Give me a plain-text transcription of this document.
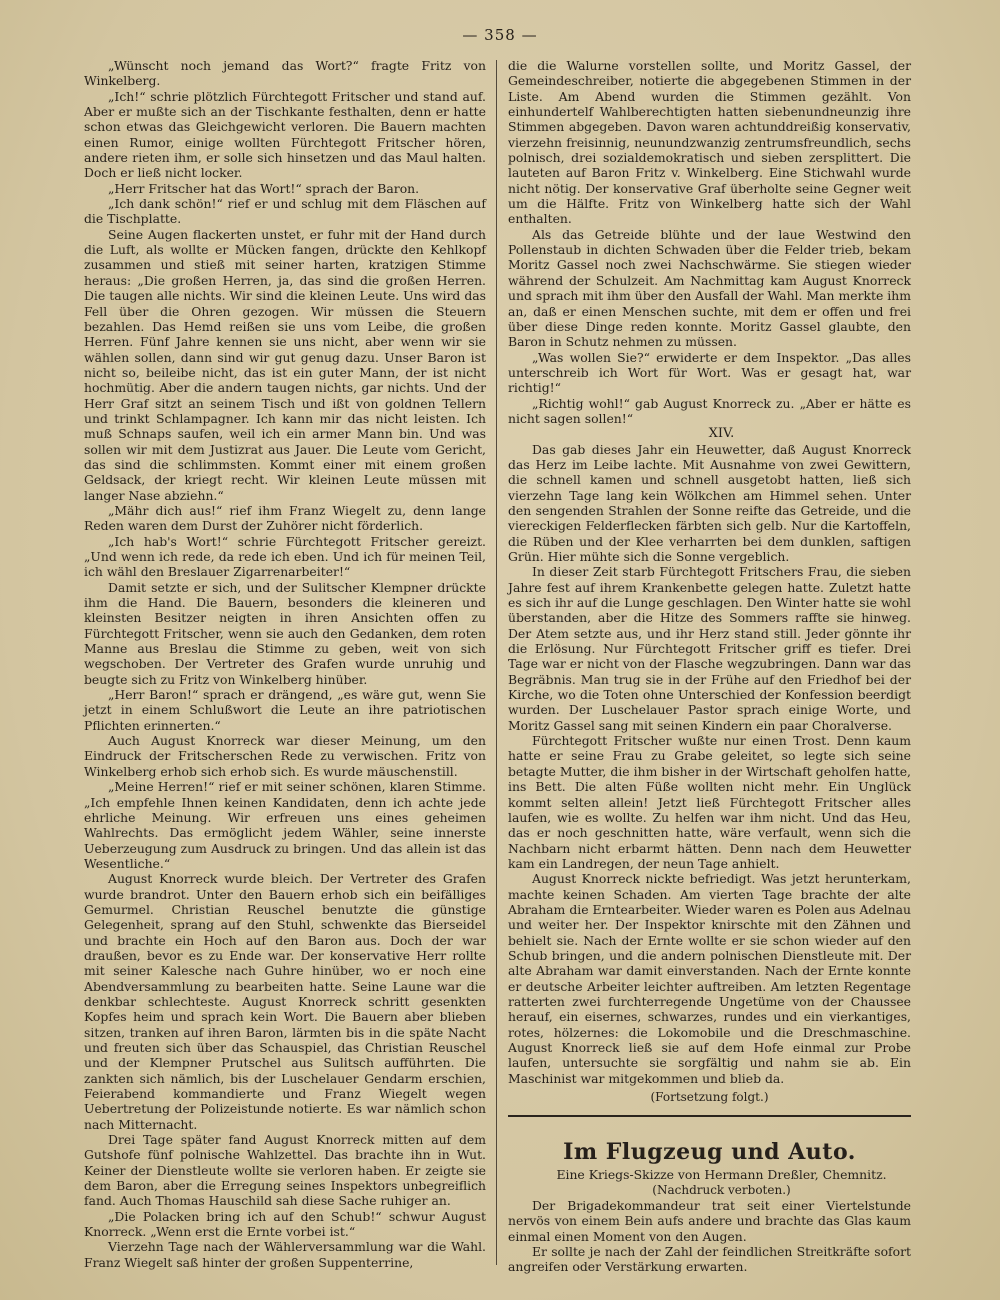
— 358 —

„Wünscht noch jemand das Wort?“ fragte Fritz von Winkelberg.

„Ich!“ schrie plötzlich Fürchtegott Fritscher und stand auf. Aber er mußte sich an der Tischkante festhalten, denn er hatte schon etwas das Gleichgewicht verloren. Die Bauern machten einen Rumor, einige wollten Fürchtegott Fritscher hören, andere rieten ihm, er solle sich hinsetzen und das Maul halten. Doch er ließ nicht locker.

„Herr Fritscher hat das Wort!“ sprach der Baron.

„Ich dank schön!“ rief er und schlug mit dem Fläschen auf die Tischplatte.

Seine Augen flackerten unstet, er fuhr mit der Hand durch die Luft, als wollte er Mücken fangen, drückte den Kehlkopf zusammen und stieß mit seiner harten, kratzigen Stimme heraus: „Die großen Herren, ja, das sind die großen Herren. Die taugen alle nichts. Wir sind die kleinen Leute. Uns wird das Fell über die Ohren gezogen. Wir müssen die Steuern bezahlen. Das Hemd reißen sie uns vom Leibe, die großen Herren. Fünf Jahre kennen sie uns nicht, aber wenn wir sie wählen sollen, dann sind wir gut genug dazu. Unser Baron ist nicht so, beileibe nicht, das ist ein guter Mann, der ist nicht hochmütig. Aber die andern taugen nichts, gar nichts. Und der Herr Graf sitzt an seinem Tisch und ißt von goldnen Tellern und trinkt Schlampagner. Ich kann mir das nicht leisten. Ich muß Schnaps saufen, weil ich ein armer Mann bin. Und was sollen wir mit dem Justizrat aus Jauer. Die Leute vom Gericht, das sind die schlimmsten. Kommt einer mit einem großen Geldsack, der kriegt recht. Wir kleinen Leute müssen mit langer Nase abziehn.“

„Mähr dich aus!“ rief ihm Franz Wiegelt zu, denn lange Reden waren dem Durst der Zuhörer nicht förderlich.

„Ich hab's Wort!“ schrie Fürchtegott Fritscher gereizt. „Und wenn ich rede, da rede ich eben. Und ich für meinen Teil, ich wähl den Breslauer Zigarrenarbeiter!“

Damit setzte er sich, und der Sulitscher Klempner drückte ihm die Hand. Die Bauern, besonders die kleineren und kleinsten Besitzer neigten in ihren Ansichten offen zu Fürchtegott Fritscher, wenn sie auch den Gedanken, dem roten Manne aus Breslau die Stimme zu geben, weit von sich wegschoben. Der Vertreter des Grafen wurde unruhig und beugte sich zu Fritz von Winkelberg hinüber.

„Herr Baron!“ sprach er drängend, „es wäre gut, wenn Sie jetzt in einem Schlußwort die Leute an ihre patriotischen Pflichten erinnerten.“

Auch August Knorreck war dieser Meinung, um den Eindruck der Fritscherschen Rede zu verwischen. Fritz von Winkelberg erhob sich erhob sich. Es wurde mäuschenstill.

„Meine Herren!“ rief er mit seiner schönen, klaren Stimme. „Ich empfehle Ihnen keinen Kandidaten, denn ich achte jede ehrliche Meinung. Wir erfreuen uns eines geheimen Wahlrechts. Das ermöglicht jedem Wähler, seine innerste Ueberzeugung zum Ausdruck zu bringen. Und das allein ist das Wesentliche.“

August Knorreck wurde bleich. Der Vertreter des Grafen wurde brandrot. Unter den Bauern erhob sich ein beifälliges Gemurmel. Christian Reuschel benutzte die günstige Gelegenheit, sprang auf den Stuhl, schwenkte das Bierseidel und brachte ein Hoch auf den Baron aus. Doch der war draußen, bevor es zu Ende war. Der konservative Herr rollte mit seiner Kalesche nach Guhre hinüber, wo er noch eine Abendversammlung zu bearbeiten hatte. Seine Laune war die denkbar schlechteste. August Knorreck schritt gesenkten Kopfes heim und sprach kein Wort. Die Bauern aber blieben sitzen, tranken auf ihren Baron, lärmten bis in die späte Nacht und freuten sich über das Schauspiel, das Christian Reuschel und der Klempner Prutschel aus Sulitsch aufführten. Die zankten sich nämlich, bis der Luschelauer Gendarm erschien, Feierabend kommandierte und Franz Wiegelt wegen Uebertretung der Polizeistunde notierte. Es war nämlich schon nach Mitternacht.

Drei Tage später fand August Knorreck mitten auf dem Gutshofe fünf polnische Wahlzettel. Das brachte ihn in Wut. Keiner der Dienstleute wollte sie verloren haben. Er zeigte sie dem Baron, aber die Erregung seines Inspektors unbegreiflich fand. Auch Thomas Hauschild sah diese Sache ruhiger an.

„Die Polacken bring ich auf den Schub!“ schwur August Knorreck. „Wenn erst die Ernte vorbei ist.“

Vierzehn Tage nach der Wählerversammlung war die Wahl. Franz Wiegelt saß hinter der großen Suppenterrine,

die die Walurne vorstellen sollte, und Moritz Gassel, der Gemeindeschreiber, notierte die abgegebenen Stimmen in der Liste. Am Abend wurden die Stimmen gezählt. Von einhundertelf Wahlberechtigten hatten siebenundneunzig ihre Stimmen abgegeben. Davon waren achtunddreißig konservativ, vierzehn freisinnig, neunundzwanzig zentrumsfreundlich, sechs polnisch, drei sozialdemokratisch und sieben zersplittert. Die lauteten auf Baron Fritz v. Winkelberg. Eine Stichwahl wurde nicht nötig. Der konservative Graf überholte seine Gegner weit um die Hälfte. Fritz von Winkelberg hatte sich der Wahl enthalten.

Als das Getreide blühte und der laue Westwind den Pollenstaub in dichten Schwaden über die Felder trieb, bekam Moritz Gassel noch zwei Nachschwärme. Sie stiegen wieder während der Schulzeit. Am Nachmittag kam August Knorreck und sprach mit ihm über den Ausfall der Wahl. Man merkte ihm an, daß er einen Menschen suchte, mit dem er offen und frei über diese Dinge reden konnte. Moritz Gassel glaubte, den Baron in Schutz nehmen zu müssen.

„Was wollen Sie?“ erwiderte er dem Inspektor. „Das alles unterschreib ich Wort für Wort. Was er gesagt hat, war richtig!“

„Richtig wohl!“ gab August Knorreck zu. „Aber er hätte es nicht sagen sollen!“

XIV.

Das gab dieses Jahr ein Heuwetter, daß August Knorreck das Herz im Leibe lachte. Mit Ausnahme von zwei Gewittern, die schnell kamen und schnell ausgetobt hatten, ließ sich vierzehn Tage lang kein Wölkchen am Himmel sehen. Unter den sengenden Strahlen der Sonne reifte das Getreide, und die viereckigen Felderflecken färbten sich gelb. Nur die Kartoffeln, die Rüben und der Klee verharrten bei dem dunklen, saftigen Grün. Hier mühte sich die Sonne vergeblich.

In dieser Zeit starb Fürchtegott Fritschers Frau, die sieben Jahre fest auf ihrem Krankenbette gelegen hatte. Zuletzt hatte es sich ihr auf die Lunge geschlagen. Den Winter hatte sie wohl überstanden, aber die Hitze des Sommers raffte sie hinweg. Der Atem setzte aus, und ihr Herz stand still. Jeder gönnte ihr die Erlösung. Nur Fürchtegott Fritscher griff es tiefer. Drei Tage war er nicht von der Flasche wegzubringen. Dann war das Begräbnis. Man trug sie in der Frühe auf den Friedhof bei der Kirche, wo die Toten ohne Unterschied der Konfession beerdigt wurden. Der Luschelauer Pastor sprach einige Worte, und Moritz Gassel sang mit seinen Kindern ein paar Choralverse.

Fürchtegott Fritscher wußte nur einen Trost. Denn kaum hatte er seine Frau zu Grabe geleitet, so legte sich seine betagte Mutter, die ihm bisher in der Wirtschaft geholfen hatte, ins Bett. Die alten Füße wollten nicht mehr. Ein Unglück kommt selten allein! Jetzt ließ Fürchtegott Fritscher alles laufen, wie es wollte. Zu helfen war ihm nicht. Und das Heu, das er noch geschnitten hatte, wäre verfault, wenn sich die Nachbarn nicht erbarmt hätten. Denn nach dem Heuwetter kam ein Landregen, der neun Tage anhielt.

August Knorreck nickte befriedigt. Was jetzt herunterkam, machte keinen Schaden. Am vierten Tage brachte der alte Abraham die Erntearbeiter. Wieder waren es Polen aus Adelnau und weiter her. Der Inspektor knirschte mit den Zähnen und behielt sie. Nach der Ernte wollte er sie schon wieder auf den Schub bringen, und die andern polnischen Dienstleute mit. Der alte Abraham war damit einverstanden. Nach der Ernte konnte er deutsche Arbeiter leichter auftreiben. Am letzten Regentage ratterten zwei furchterregende Ungetüme von der Chaussee herauf, ein eisernes, schwarzes, rundes und ein vierkantiges, rotes, hölzernes: die Lokomobile und die Dreschmaschine. August Knorreck ließ sie auf dem Hofe einmal zur Probe laufen, untersuchte sie sorgfältig und nahm sie ab. Ein Maschinist war mitgekommen und blieb da.

(Fortsetzung folgt.)
Im Flugzeug und Auto.

Eine Kriegs-Skizze von Hermann Dreßler, Chemnitz.

(Nachdruck verboten.)

Der Brigadekommandeur trat seit einer Viertelstunde nervös von einem Bein aufs andere und brachte das Glas kaum einmal einen Moment von den Augen.

Er sollte je nach der Zahl der feindlichen Streitkräfte sofort angreifen oder Verstärkung erwarten.
